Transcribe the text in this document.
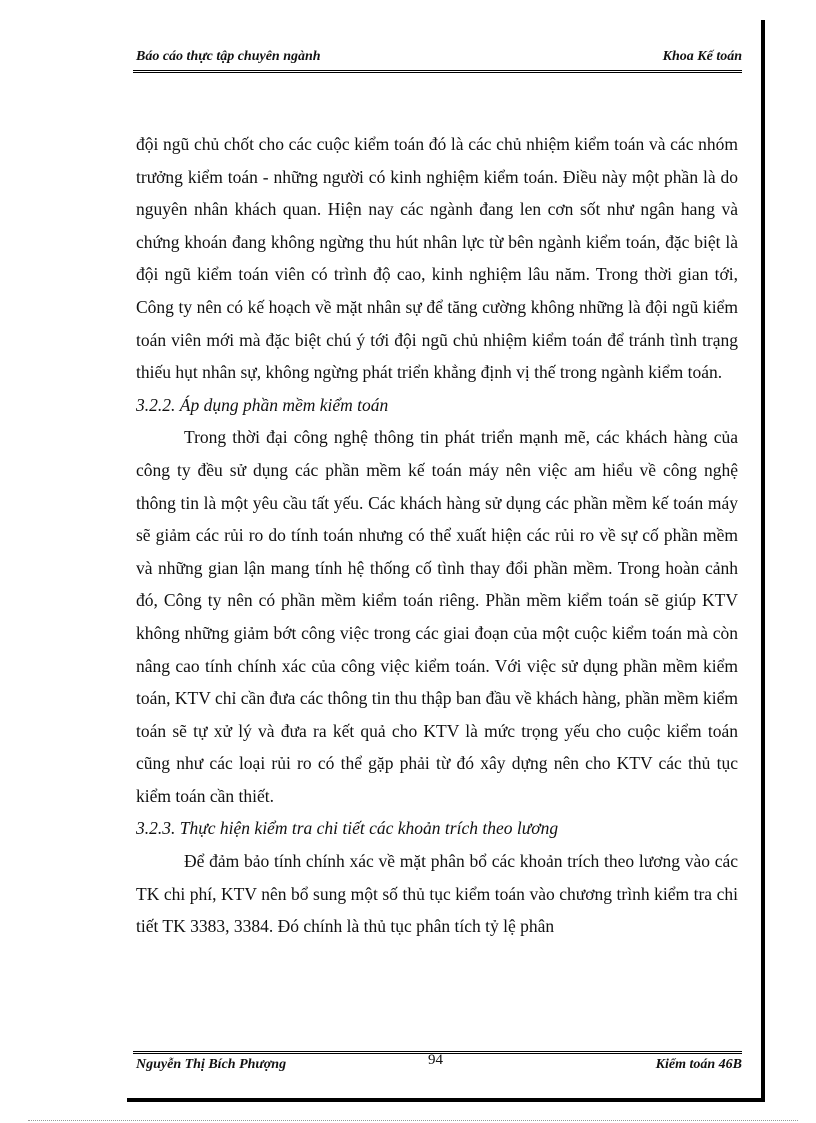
Báo cáo thực tập chuyên ngành	Khoa Kế toán

đội ngũ chủ chốt cho các cuộc kiểm toán đó là các chủ nhiệm kiểm toán và các nhóm trưởng kiểm toán - những người có kinh nghiệm kiểm toán. Điều này một phần là do nguyên nhân khách quan. Hiện nay các ngành đang len cơn sốt như ngân hang và chứng khoán đang không ngừng thu hút nhân lực từ bên ngành kiểm toán, đặc biệt là đội ngũ kiểm toán viên có trình độ cao, kinh nghiệm lâu năm. Trong thời gian tới, Công ty nên có kế hoạch về mặt nhân sự để tăng cường không những là đội ngũ kiểm toán viên mới mà đặc biệt chú ý tới đội ngũ chủ nhiệm kiểm toán để tránh tình trạng thiếu hụt nhân sự, không ngừng phát triển khẳng định vị thế trong ngành kiểm toán.

3.2.2. Áp dụng phần mềm kiểm toán

Trong thời đại công nghệ thông tin phát triển mạnh mẽ, các khách hàng của công ty đều sử dụng các phần mềm kế toán máy nên việc am hiểu về công nghệ thông tin là một yêu cầu tất yếu. Các khách hàng sử dụng các phần mềm kế toán máy sẽ giảm các rủi ro do tính toán nhưng có thể xuất hiện các rủi ro về sự cố phần mềm và những gian lận mang tính hệ thống cố tình thay đổi phần mềm. Trong hoàn cảnh đó, Công ty nên có phần mềm kiểm toán riêng. Phần mềm kiểm toán sẽ giúp KTV không những giảm bớt công việc trong các giai đoạn của một cuộc kiểm toán mà còn nâng cao tính chính xác của công việc kiểm toán. Với việc sử dụng phần mềm kiểm toán, KTV chỉ cần đưa các thông tin thu thập ban đầu về khách hàng, phần mềm kiểm toán sẽ tự xử lý và đưa ra kết quả cho KTV là mức trọng yếu cho cuộc kiểm toán cũng như các loại rủi ro có thể gặp phải từ đó xây dựng nên cho KTV các thủ tục kiểm toán cần thiết.

3.2.3. Thực hiện kiểm tra chi tiết các khoản trích theo lương

Để đảm bảo tính chính xác về mặt phân bổ các khoản trích theo lương vào các TK chi phí, KTV nên bổ sung một số thủ tục kiểm toán vào chương trình kiểm tra chi tiết TK 3383, 3384. Đó chính là thủ tục phân tích tỷ lệ phân

Nguyễn Thị Bích Phượng	94	Kiểm toán 46B
